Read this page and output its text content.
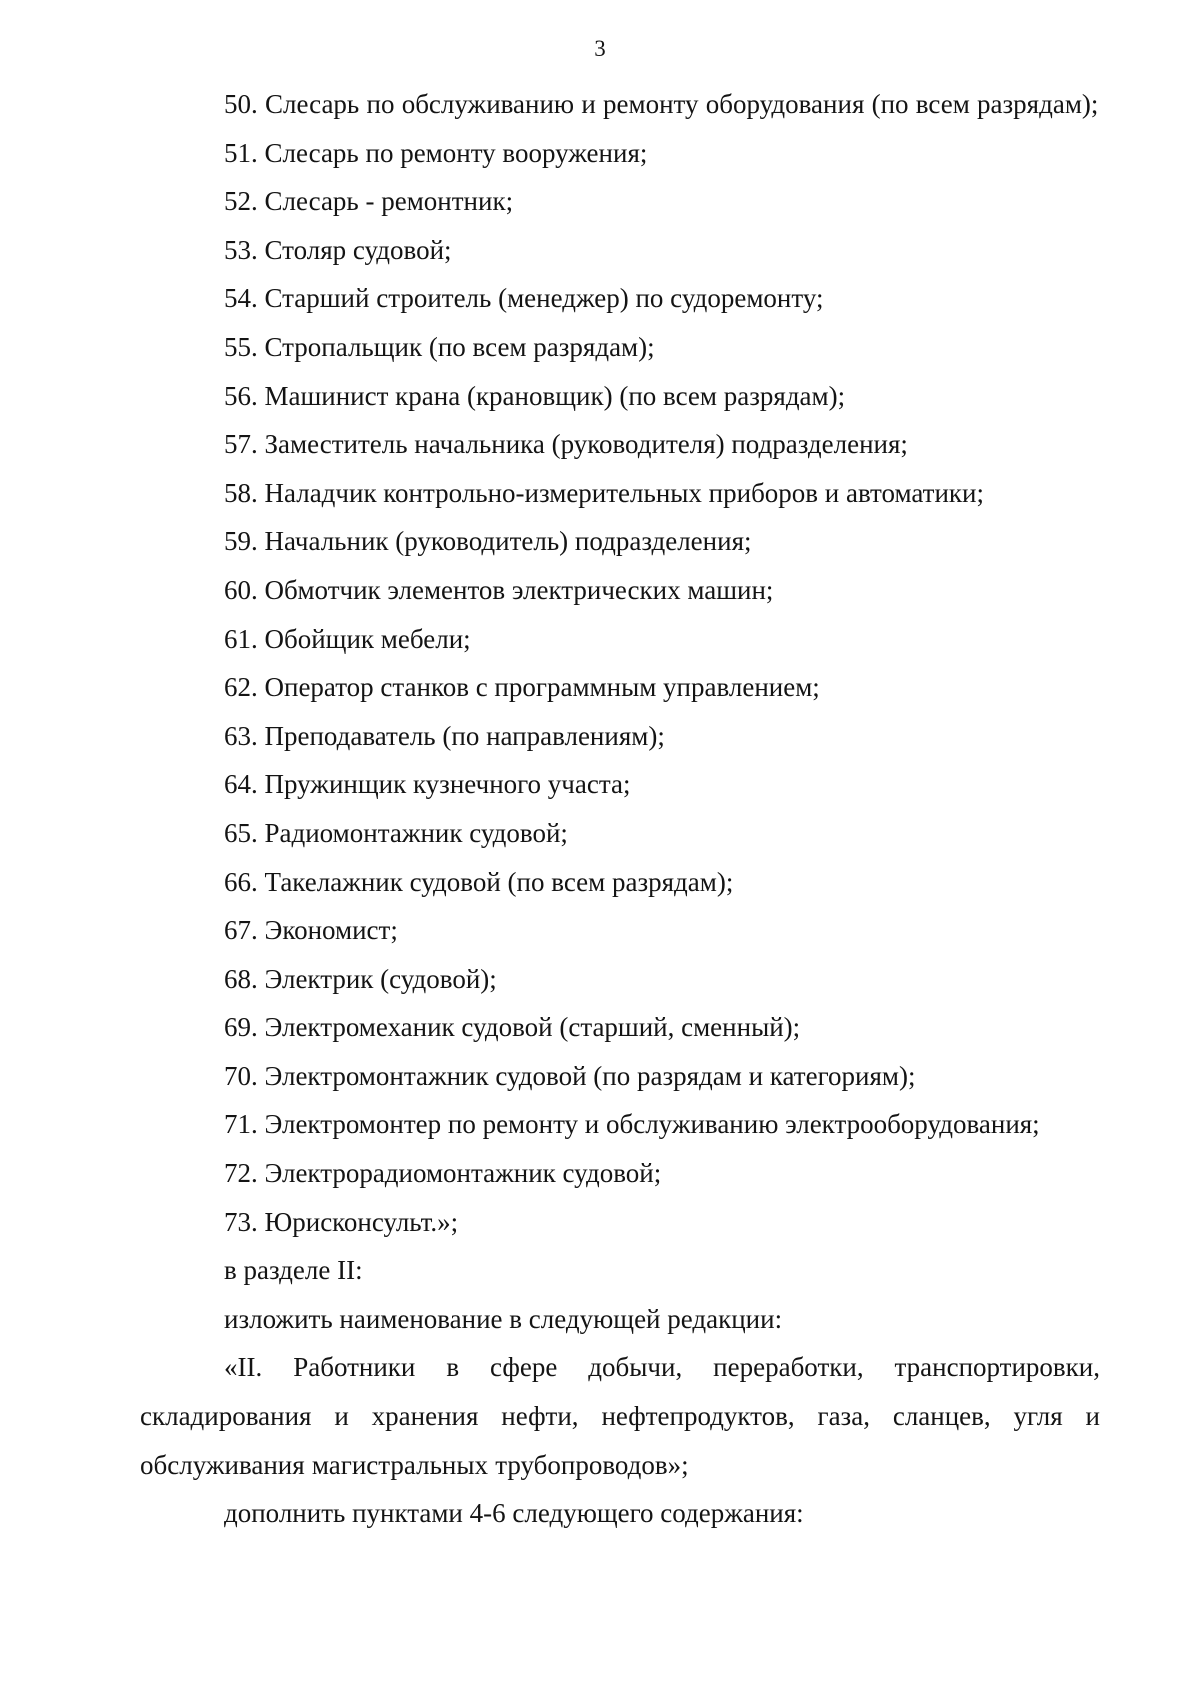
3

50. Слесарь по обслуживанию и ремонту оборудования (по всем разрядам);

51. Слесарь по ремонту вооружения;

52. Слесарь - ремонтник;

53. Столяр судовой;

54. Старший строитель (менеджер) по судоремонту;

55. Стропальщик (по всем разрядам);

56. Машинист крана (крановщик) (по всем разрядам);

57. Заместитель начальника (руководителя) подразделения;

58. Наладчик контрольно-измерительных приборов и автоматики;

59. Начальник (руководитель) подразделения;

60. Обмотчик элементов электрических машин;

61. Обойщик мебели;

62. Оператор станков с программным управлением;

63. Преподаватель (по направлениям);

64. Пружинщик кузнечного участа;

65. Радиомонтажник судовой;

66. Такелажник судовой (по всем разрядам);

67. Экономист;

68. Электрик (судовой);

69. Электромеханик судовой (старший, сменный);

70. Электромонтажник судовой (по разрядам и категориям);

71. Электромонтер по ремонту и обслуживанию электрооборудования;

72. Электрорадиомонтажник судовой;

73. Юрисконсульт.»;

в разделе II:

изложить наименование в следующей редакции:

«II. Работники в сфере добычи, переработки, транспортировки, складирования и хранения нефти, нефтепродуктов, газа, сланцев, угля и обслуживания магистральных трубопроводов»;

дополнить пунктами 4-6 следующего содержания:
